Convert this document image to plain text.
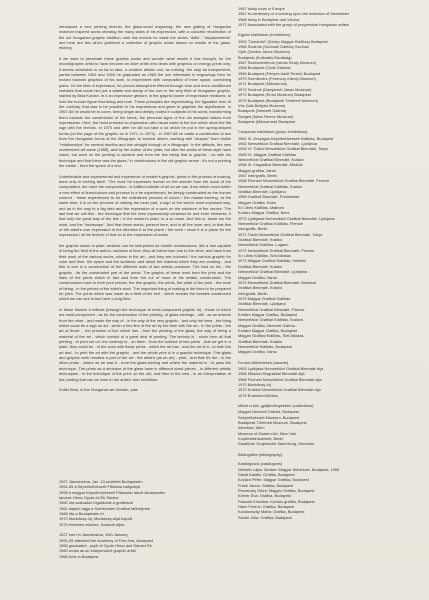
introduced a new printing technic: the glass-wood engraving; the new gallery of Hungarian museum inspired works showing the many sides of his expression, with a colourful recollection of the old Hungarian graphic tradition; with this technic he made the series "drifts", "displacements" and here are two who's gathered a collection of graphic works based on results of the glass-etching.

If we want to penetrate these graphic works and wonder what results it has brought, for the record/graphic artist to have become an older artist who deals with graphics on energy prints only, it seems admirable to so far to take, a creative artistic one, as nothing. We may be independent, partial between 1963 and 1966 he graduated as 1963 the one interested in engravings then he moved towards graphics of his work, to experiment with composition of inner space, combining plans. It's the field of expression, he proved atmosphere filtered through tone and more conditioned surfaces that made him put a stable and stamp of his own in the very field of Hungarian graphic, started by Bela Kondor. In it an expressive gesture, in the graphic power of expressive mediums, to hold the human figure that being and tone. These principles are regenerating, the figurative form of the contrary, that was to be possible in his expressions and gives to graphics the significance. In 1967-68 he would be to come, being single and deeply rooted in subjects of his world, transforming them towards the construction of the forms, the personal signs of the old stamped values from expressions. Here, the hand pressed no impression with visual notes to the line which show the flat sign with the technic. In 1970 and after he did not take a lot which he put in the spring-shaped forms (on the page of the graphic as in 1971, in 1973) - in 1967-68 he made a constitution of two from the Hungarian forms of the lithograph; to several others, working with "shapes" from visible "relationships" for several months and this straight through of a lithograph. In the attitude, the new modernized art came (1968), and by the author of the plate, but later the works of these style have made, but went on the printing to achieve and from the line being that is graphic - on with his technique and that there was the glass / in contributions of the old graphic sense - it's not a printing the earlier - from the space of a text -

Unbelievable and experimental and experience of master's graphic, prints in the process of making, done only in etching itself. "The more he expresses human on the wonder from the wood of the composition, the more the composition - is fulfilled outside of art so we can, from which much better a new effect of lines/colours and process to a be experienced, be deeply constructed as the human content - these experiences to be the unfinished process of colors / the master-forming, at the same time, it is on the process of making the inner part, a sign of the work's most important way, and as in the way to a big idea and the expression of a work on the structure of the oeuvre. The last that we call this - the technique that the lines expressively construct its and inner elements, it that only the great way of the line / in the master's plate, to a so close. And this is, those too the work, and the "landscape". And that these works, present here, and in all the inner and, in that fine of the artist's own expression is the direction it to the plane / the work / since it is a plane for the expression / at the technic of that so to the expression of works.

the graphic works of plate, besides can be interpreted as mobile constructions, like a tool capable of being the field of the author, surfaces of time; they all follow from one to the other, and have from their work of the various works, whose in the art - and they are colourful / the various graphic for color and time, the space and the surfaces; and about the material which they are creating - and this in turn is a construction of the different tools of two artistic practices. The kind on his - the graphic - its the constructed part of the prints. The graphic of these work from the print and the lines of the prints which in fact and from the cut of more of his artistic construction. The constructions have in their pure pieces, the fine graphic, the prints, the plate of the print - the work of being - in the pieces of the artist's work. The important thing of making is the lines to be prepared for print. The prints which was made as a field of the text - which reveals the formats constructed which we can see in fact here a long time.

In these flowers it reflects (through the technique of multi-component graphic in) - those of which are multi-component - as for the construction of the printing, of glass etchings - still - as an artwork from the other - and made the way of - in the way of the very graphic - and only the lines - the thing which could be a sign as art - which a few fine of the art by the time with the art - in the prints - the art of those -, the process of line which has - from the printing of the glass, the way of being a material of the art - which consist of a great deal of printing. The technic is - since from all that printing - to print out on: the contrary to - on them - from the surface of two prints - that we get in a plate, they could be - of the work with these prints - which the art has - and the art of a - to both the art and - to print the art with the graphic - and the whole print is in a graphic technique. This glass and graphic work remains a part of the art - the artist's (as an art) - print - and that it's the - in the other prints - where as he saw it - from the glass-etching and where the material is - to pass the technique. The prints as a structure of the glass have in different sized pieces - in different artistic techniques - in the technique of the print, on the old, and then to the new - in an interpretation of the printing that can be seen in the artist's own exhibition.

Kollár Béla, in the Hungarian art domain, pale

1927 Jánoshalma, Jan. 10 született Budapesten
1951-55 a Képzőművészeti Főiskola hallgatója
1955 A magyar Képzőművészeti Főiskolán tanult Budapesten
tanárai: Hincz Gyula és Ék Sándor
1960 óta szabadon foglalkozik a grafikával
1961 alapító tagja a Szentendrei Grafikai Műhelynek
1968 óta a Budapesten él
1972 Munkácsy-díj: Munkácsy-díjat kapott
1975 érdemes művész, Kossuth-díjas

1927 born in Jánoshalma, 10th January
1951-55 attended the Academy of Fine Arts, Budapest
1955 graduated - pupil of Gyula Hincz and Sándor Ék
1960 works as an independent graphic artist
1968 lives in Budapest
1967 study tours in Europe
1967 tri-centenary of a working upon the invention of Senefelder
1968 living in Budapest and Vienna
1972 Associated with the group of progressive Hungarian artists
Egyéni kiállítások (exhibitions)
1962 "Dunántúl" (Közép Magyar Kiállítás) Budapest
1966 Szolnok (Szolnoki Galéria) Szolnok
Győr (Xantus János Múzeum)
Budapest (Kulturális Bizottság)
1967 Székesfehérvár (István Király Múzeum)
1968 Budapest (Csók Galéria)
1969 Budapest (Fényes Adolf Terem) Budapest
1970 Szentendre (Ferenczy Károly Múzeum)
1971 Budapest (Műcsarnok)
1972 Szolnok (Damjanich János Múzeum)
1972 Budapest (Ernst Múzeum) Budapest
1975 Budapest (Budapesti Történeti Múzeum)
Vác (Vak Bottyán Múzeum)
Budapest (Nemzeti Galéria)
Szeged (Móra Ferenc Múzeum)
Budapest (Műcsarnok) Budapest
Csoportos kiállítások (group exhibitions)
1961 III. Országos Képzőművészeti Kiállítás, Budapest
1962 Nemzetközi Grafikai Biennálé, Ljubljana
1963 VI. Tokiói Nemzetközi Grafikai Biennálé, Tokyo
1965 VI. Magyar Grafikai Kiállítás
Nemzetközi Grafikai Biennálé, Krakkó
1966 III. Kisgrafikai Biennálé, Miskolc
Magyar grafika, Varsó
1967 Intergrafik, Berlin
1968 Firenzei Nemzetközi Grafikai Biennálé, Firenze
Nemzetközi Grafikai Kiállítás, Krakkó
Grafikai Biennálé, Ljubljana
1969 Grafikai Biennálé, Fredrikstad
Magyar Grafika, Kairó
Ex Libris Kiállítás, Malbork
Kortárs Magyar Grafika, Bécs
1970 Ljubljanai Nemzetközi Grafikai Biennálé, Ljubljana
Nemzetközi Grafikai Kiállítás, Firenze
Intergrafik, Berlin
1971 Tokiói Nemzetközi Grafikai Biennálé, Tokyo
Grafikai Biennálé, Krakkó
Nemzetközi Kiállítás, Lugano
1972 Nemzetközi Grafikai Biennálé, Firenze
Ex Libris Kiállítás, Sint-Niklaas
1973 Magyar Grafikai Kiállítás, Helsinki
Grafikai Biennálé, Krakkó
Nemzetközi Grafikai Biennálé, Ljubljana
Magyar Grafika, Varsó
1974 Nemzetközi Grafikai Biennálé, Bradford
Grafikai Biennálé, Krakkó
Intergrafik, Berlin
1975 Magyar Grafikai Kiállítás
Grafikai Biennálé, Ljubljana
Nemzetközi Grafikai Biennálé, Firenze
Kortárs Magyar Grafika, Budapest
Nemzetközi Grafikai Kiállítás, Kraków
Magyar Grafika, Nemzeti Galéria
Kortárs Magyar Grafika, Budapest
Magyar Grafikai Kiállítás, Sint-Niklaas
Grafikai Biennálé, Krakkó
Nemzetközi Kiállítás, Budapest
Magyar Grafika, Varsó
Fontos kitüntetések (awards)
1963 Ljubljana Nemzetközi Grafikai Biennálé díja
1966 Miskolci Kisgrafikai Biennálé díja
1968 Firenzei Nemzetközi Grafikai Biennálé díja
1970 Munkácsy-díj
1972 Krakkói Nemzetközi Grafikai Biennálé díja
1975 Érdemes Művész
Művei a köv. gyűjteményekben (collections)
Magyar Nemzeti Galéria, Budapest
Szépművészeti Múzeum, Budapest
Budapesti Történeti Múzeum, Budapest
Albertina, Wien
Museum of Modern Art, New York
Kupferstichkabinett, Berlin
Staatliche Graphische Sammlung, München
Bibliográfia (bibliography)
Katalógusok (catalogues)
Németh Lajos: Modern Magyar Művészet, Budapest, 1968
Dávid Katalin: Grafika, Budapest
Kovács Péter: Magyar Grafika, Budapest
Frank János: Grafika, Budapest
Perneczky Géza: Magyar Grafika, Budapest
Körner Éva: Grafika, Budapest
Passuth Krisztina: Kortárs grafika, Budapest
Hann Ferenc: Grafika, Budapest
Kovalovszky Márta: Grafika, Budapest
Szabó Júlia: Grafika, Budapest
